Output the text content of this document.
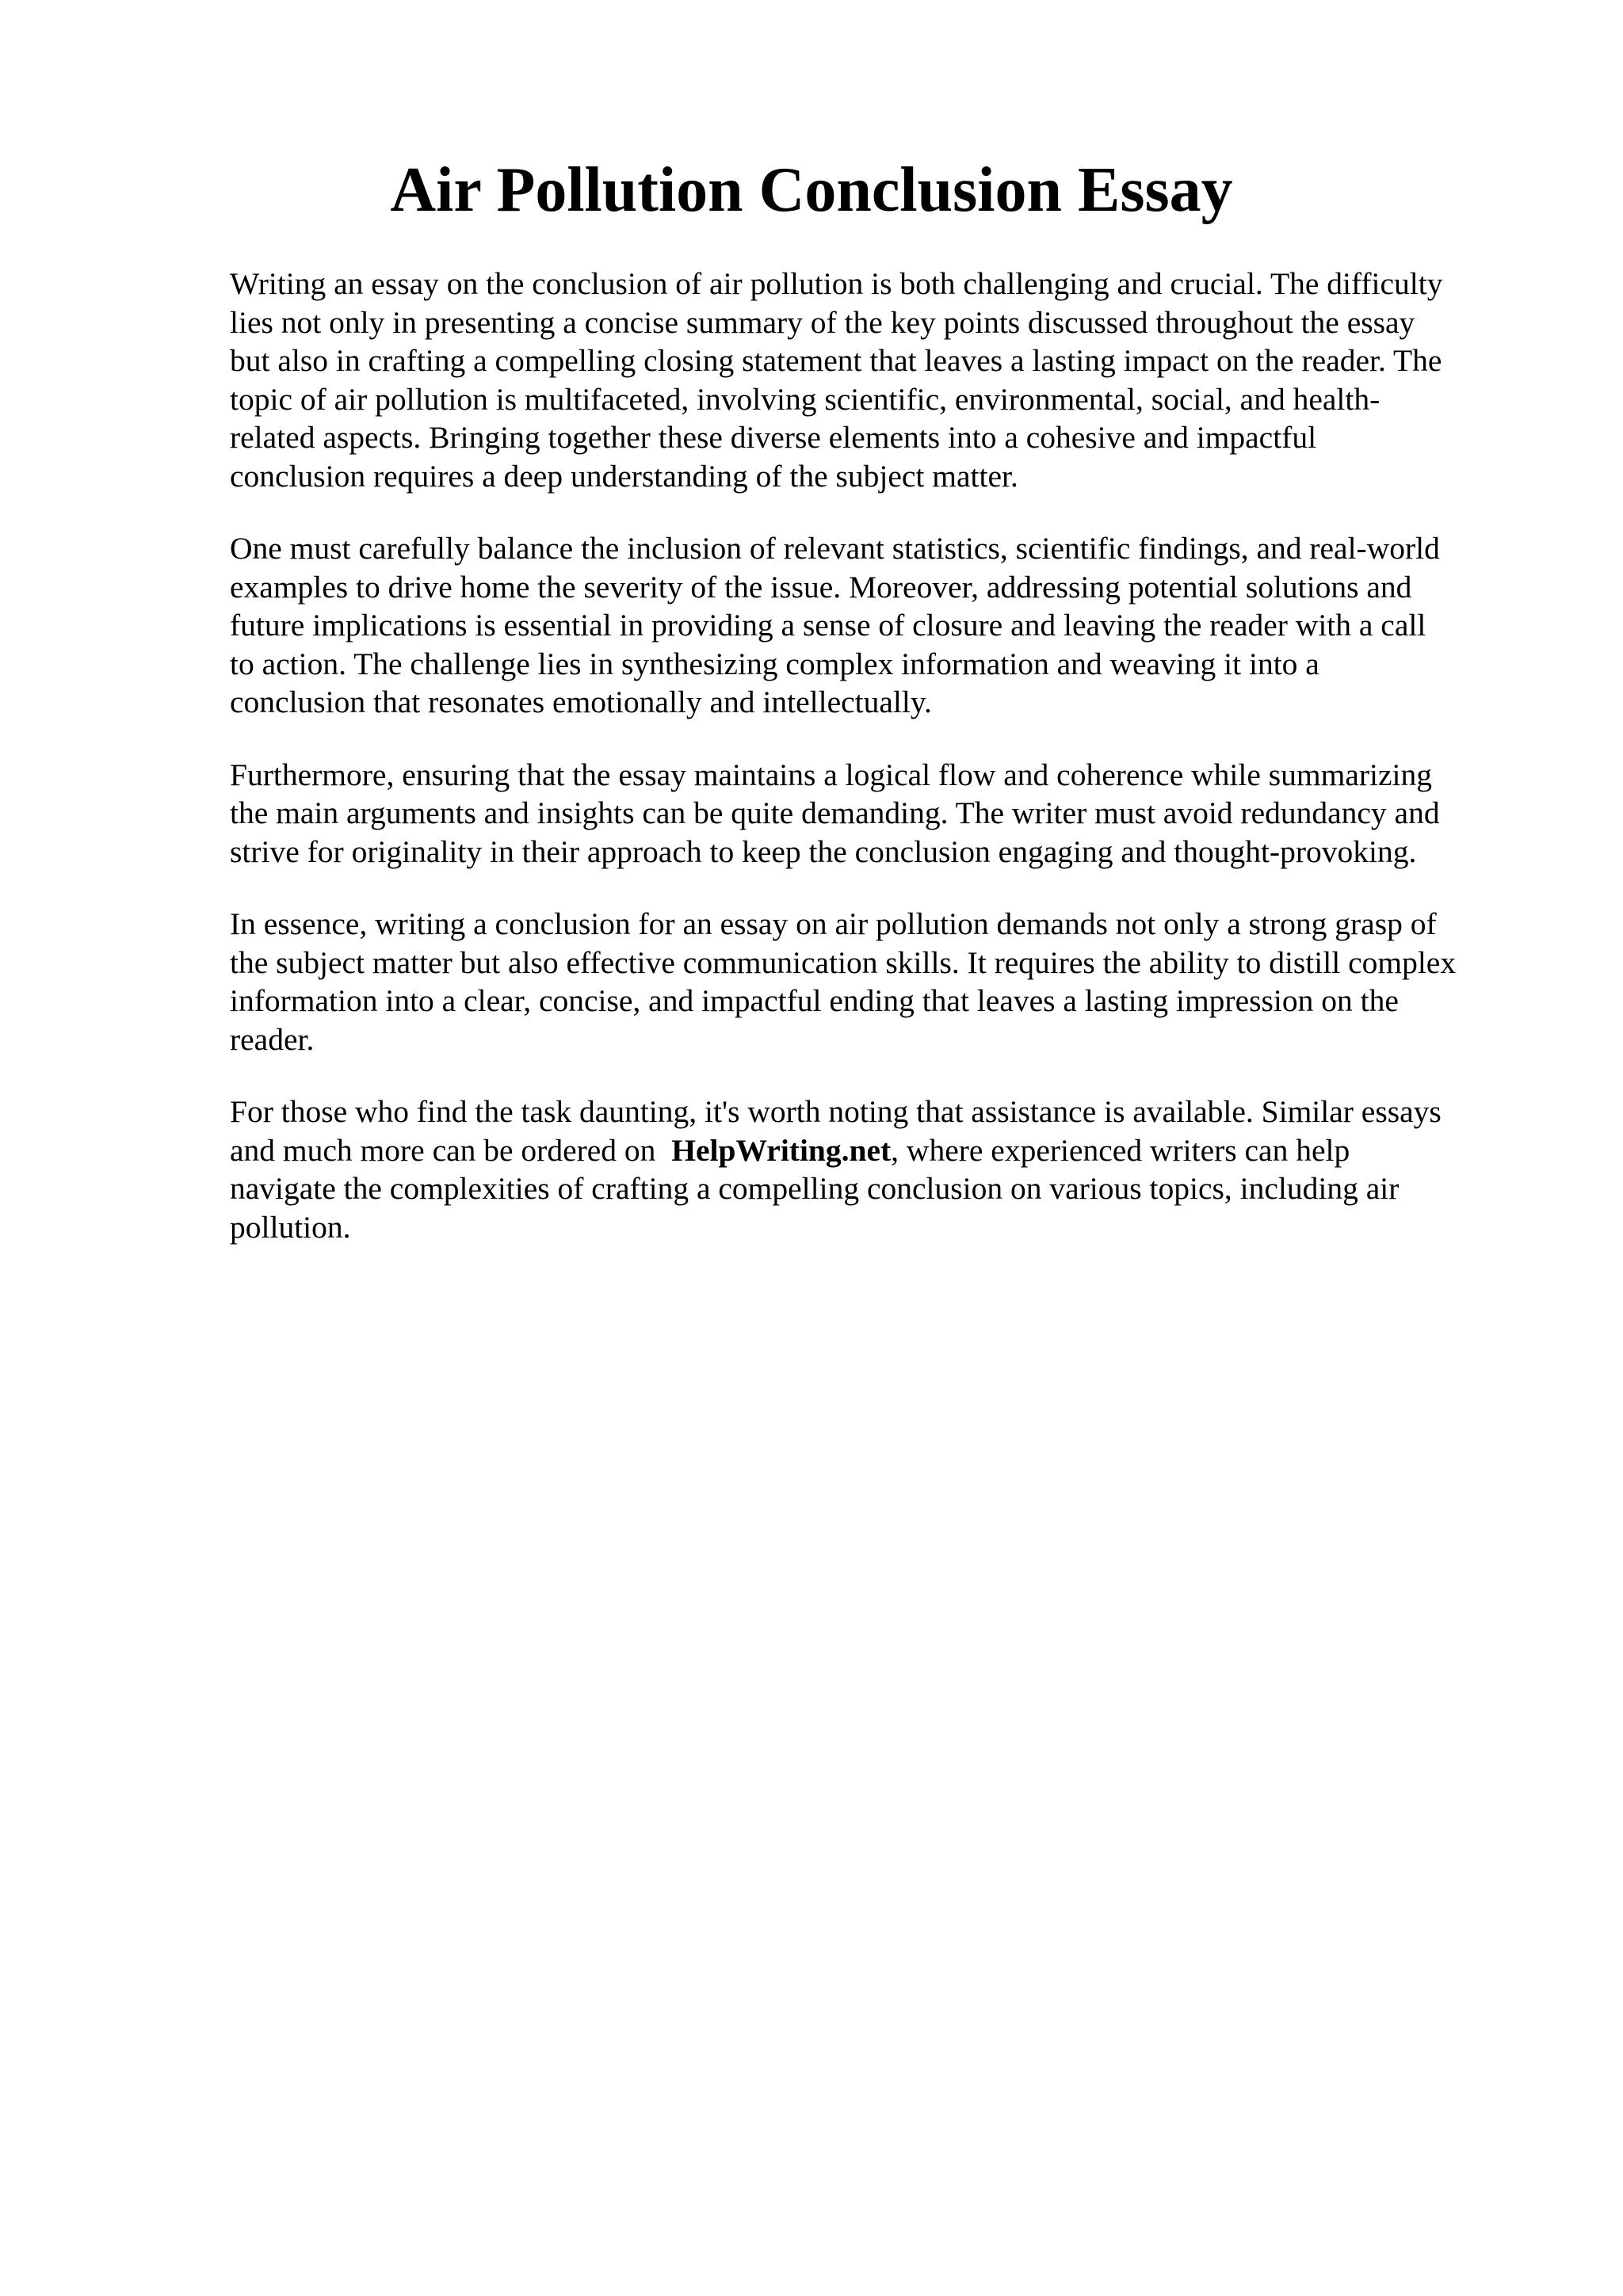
Air Pollution Conclusion Essay

Writing an essay on the conclusion of air pollution is both challenging and crucial. The difficulty
lies not only in presenting a concise summary of the key points discussed throughout the essay
but also in crafting a compelling closing statement that leaves a lasting impact on the reader. The
topic of air pollution is multifaceted, involving scientific, environmental, social, and health-
related aspects. Bringing together these diverse elements into a cohesive and impactful
conclusion requires a deep understanding of the subject matter.

One must carefully balance the inclusion of relevant statistics, scientific findings, and real-world
examples to drive home the severity of the issue. Moreover, addressing potential solutions and
future implications is essential in providing a sense of closure and leaving the reader with a call
to action. The challenge lies in synthesizing complex information and weaving it into a
conclusion that resonates emotionally and intellectually.

Furthermore, ensuring that the essay maintains a logical flow and coherence while summarizing
the main arguments and insights can be quite demanding. The writer must avoid redundancy and
strive for originality in their approach to keep the conclusion engaging and thought-provoking.

In essence, writing a conclusion for an essay on air pollution demands not only a strong grasp of
the subject matter but also effective communication skills. It requires the ability to distill complex
information into a clear, concise, and impactful ending that leaves a lasting impression on the
reader.

For those who find the task daunting, it's worth noting that assistance is available. Similar essays
and much more can be ordered on HelpWriting.net, where experienced writers can help
navigate the complexities of crafting a compelling conclusion on various topics, including air
pollution.
